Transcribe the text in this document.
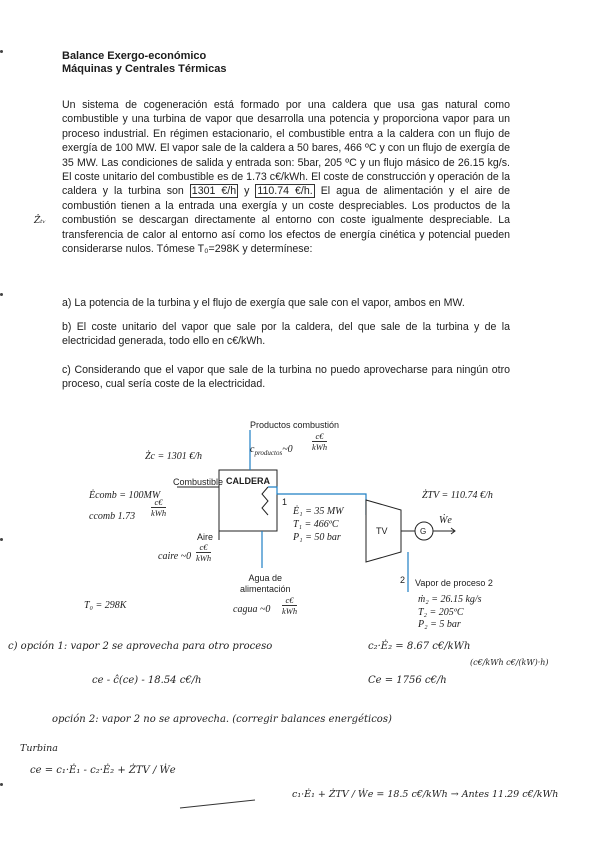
Balance Exergo-económico
Máquinas y Centrales Térmicas
Un sistema de cogeneración está formado por una caldera que usa gas natural como combustible y una turbina de vapor que desarrolla una potencia y proporciona vapor para un proceso industrial. En régimen estacionario, el combustible entra a la caldera con un flujo de exergía de 100 MW. El vapor sale de la caldera a 50 bares, 466 ºC y con un flujo de exergía de 35 MW. Las condiciones de salida y entrada son: 5bar, 205 ºC y un flujo másico de 26.15 kg/s. El coste unitario del combustible es de 1.73 c€/kWh. El coste de construcción y operación de la caldera y la turbina son 1301 €/h y 110.74 €/h. El agua de alimentación y el aire de combustión tienen a la entrada una exergía y un coste despreciables. Los productos de la combustión se descargan directamente al entorno con coste igualmente despreciable. La transferencia de calor al entorno así como los efectos de energía cinética y potencial pueden considerarse nulos. Tómese T₀=298K y determínese:
Ẑₜᵥ
a) La potencia de la turbina y el flujo de exergía que sale con el vapor, ambos en MW.
b) El coste unitario del vapor que sale por la caldera, del que sale de la turbina y de la electricidad generada, todo ello en c€/kWh.
c) Considerando que el vapor que sale de la turbina no puedo aprovecharse para ningún otro proceso, cual sería coste de la electricidad.
Productos combustión
$c_{productos}\sim 0$
c€
kWh
Żc = 1301 €/h
Combustible CALDERA
Ėcomb = 100MW
ccomb 1.73
c€
kWh
Aire
caire ~0
c€
kWh
Agua de
alimentación
cagua ~0
c€
kWh
1
Ė₁ = 35 MW
T₁ = 466ºC
P₁ = 50 bar
TV	G
Ẇe
ŻTV = 110.74 €/h
2 Vapor de proceso 2
ṁ₂ = 26.15 kg/s
T₂ = 205ºC
P₂ = 5 bar
T₀ = 298K
c) opción 1: vapor 2 se aprovecha para otro proceso	c₂·Ė₂ = 8.67 c€/kWh
(c€/kWh c€/(kW)·h)
ce - ĉ(ce) - 18.54 c€/h	Ce = 1756 c€/h
opción 2: vapor 2 no se aprovecha. (corregir balances energéticos)
Turbina
ce = c₁·Ė₁ - c₂·Ė₂ + ŻTV / Ẇe
c₁·Ė₁ + ŻTV / Ẇe = 18.5 c€/kWh → Antes 11.29 c€/kWh
